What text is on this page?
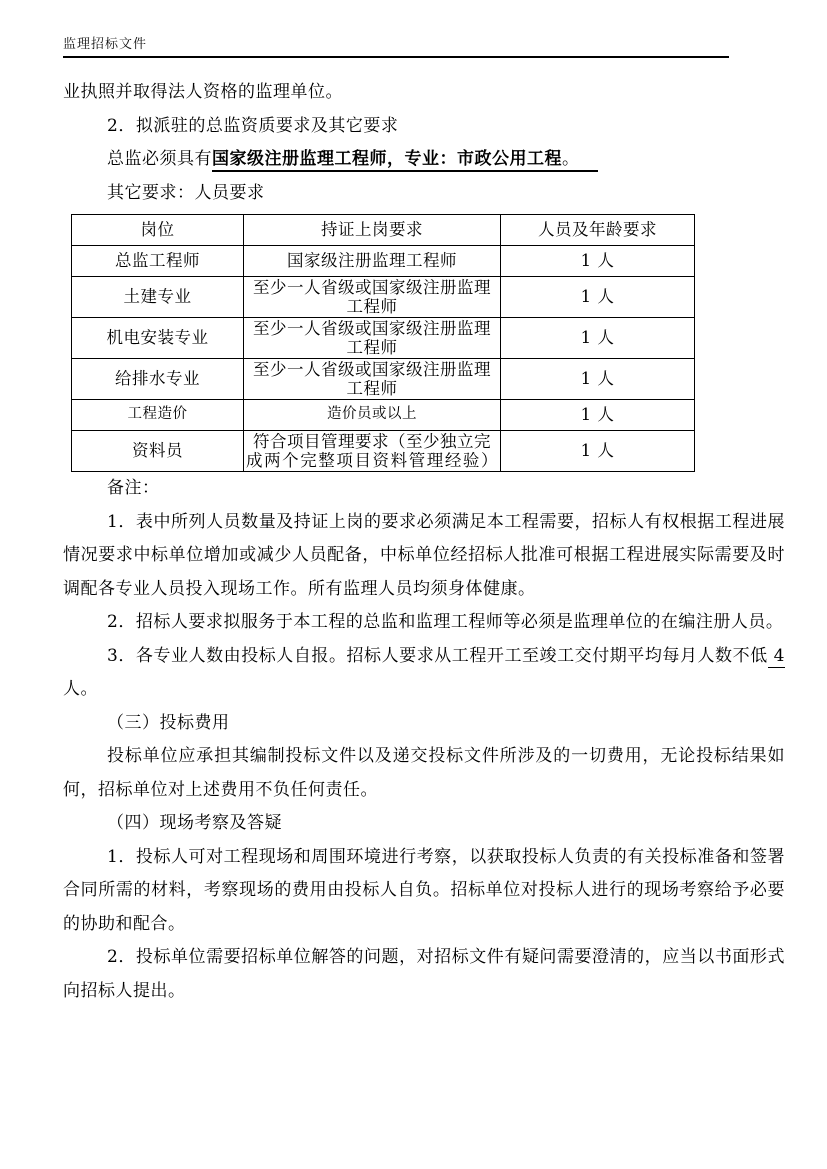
监理招标文件

业执照并取得法人资格的监理单位。

2．拟派驻的总监资质要求及其它要求

总监必须具有国家级注册监理工程师，专业：市政公用工程。

其它要求：人员要求

岗位	持证上岗要求	人员及年龄要求
总监工程师	国家级注册监理工程师	1 人
土建专业	至少一人省级或国家级注册监理工程师	1 人
机电安装专业	至少一人省级或国家级注册监理工程师	1 人
给排水专业	至少一人省级或国家级注册监理工程师	1 人
工程造价	造价员或以上	1 人
资料员	符合项目管理要求（至少独立完成两个完整项目资料管理经验）	1 人

备注：

1．表中所列人员数量及持证上岗的要求必须满足本工程需要，招标人有权根据工程进展情况要求中标单位增加或减少人员配备，中标单位经招标人批准可根据工程进展实际需要及时调配各专业人员投入现场工作。所有监理人员均须身体健康。

2．招标人要求拟服务于本工程的总监和监理工程师等必须是监理单位的在编注册人员。

3．各专业人数由投标人自报。招标人要求从工程开工至竣工交付期平均每月人数不低 4 人。

（三）投标费用

投标单位应承担其编制投标文件以及递交投标文件所涉及的一切费用，无论投标结果如何，招标单位对上述费用不负任何责任。

（四）现场考察及答疑

1．投标人可对工程现场和周围环境进行考察，以获取投标人负责的有关投标准备和签署合同所需的材料，考察现场的费用由投标人自负。招标单位对投标人进行的现场考察给予必要的协助和配合。

2．投标单位需要招标单位解答的问题，对招标文件有疑问需要澄清的，应当以书面形式向招标人提出。
